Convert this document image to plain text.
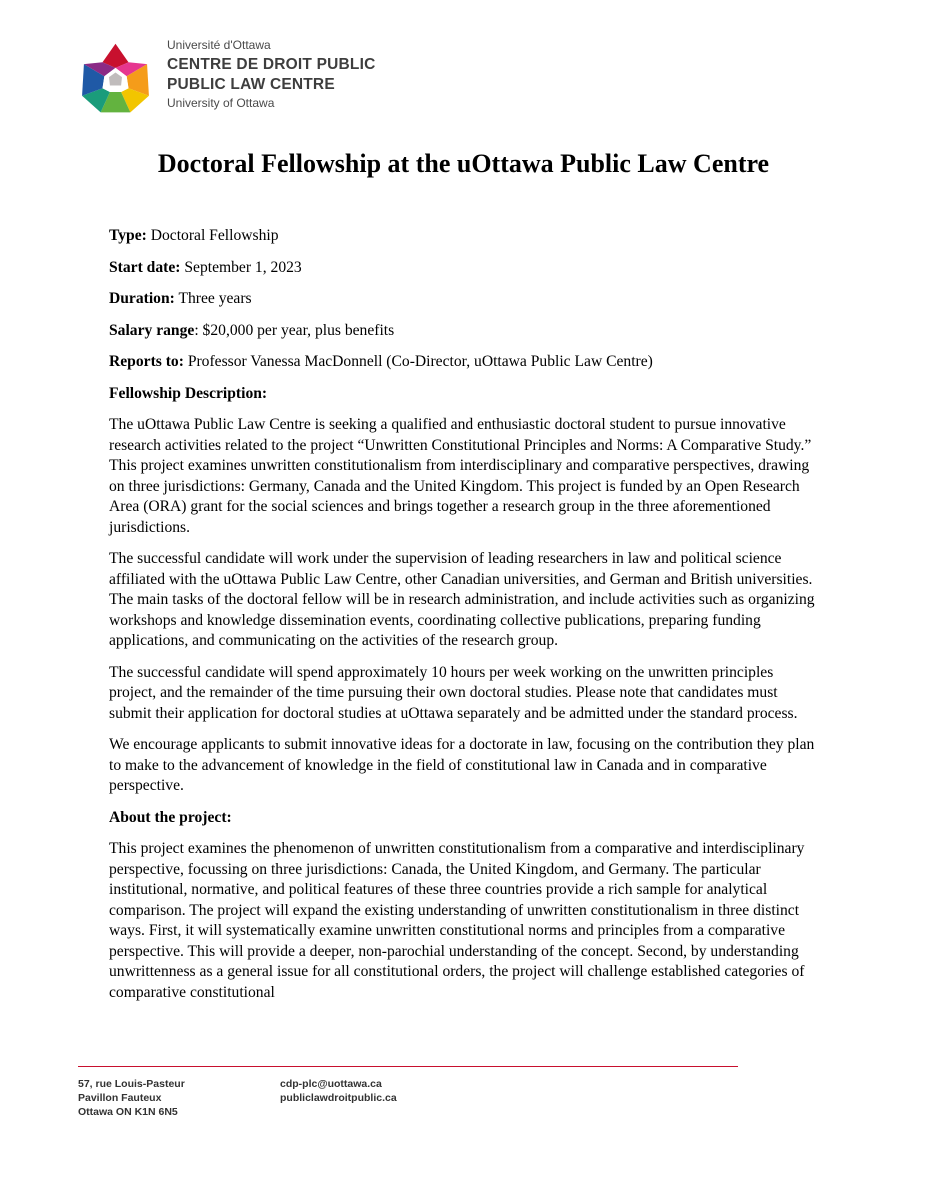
Université d'Ottawa
CENTRE DE DROIT PUBLIC
PUBLIC LAW CENTRE
University of Ottawa
Doctoral Fellowship at the uOttawa Public Law Centre

Type: Doctoral Fellowship

Start date: September 1, 2023

Duration: Three years

Salary range: $20,000 per year, plus benefits

Reports to: Professor Vanessa MacDonnell (Co-Director, uOttawa Public Law Centre)

Fellowship Description:

The uOttawa Public Law Centre is seeking a qualified and enthusiastic doctoral student to pursue innovative research activities related to the project “Unwritten Constitutional Principles and Norms: A Comparative Study.” This project examines unwritten constitutionalism from interdisciplinary and comparative perspectives, drawing on three jurisdictions: Germany, Canada and the United Kingdom. This project is funded by an Open Research Area (ORA) grant for the social sciences and brings together a research group in the three aforementioned jurisdictions.

The successful candidate will work under the supervision of leading researchers in law and political science affiliated with the uOttawa Public Law Centre, other Canadian universities, and German and British universities. The main tasks of the doctoral fellow will be in research administration, and include activities such as organizing workshops and knowledge dissemination events, coordinating collective publications, preparing funding applications, and communicating on the activities of the research group.

The successful candidate will spend approximately 10 hours per week working on the unwritten principles project, and the remainder of the time pursuing their own doctoral studies. Please note that candidates must submit their application for doctoral studies at uOttawa separately and be admitted under the standard process.

We encourage applicants to submit innovative ideas for a doctorate in law, focusing on the contribution they plan to make to the advancement of knowledge in the field of constitutional law in Canada and in comparative perspective.

About the project:

This project examines the phenomenon of unwritten constitutionalism from a comparative and interdisciplinary perspective, focussing on three jurisdictions: Canada, the United Kingdom, and Germany. The particular institutional, normative, and political features of these three countries provide a rich sample for analytical comparison. The project will expand the existing understanding of unwritten constitutionalism in three distinct ways. First, it will systematically examine unwritten constitutional norms and principles from a comparative perspective. This will provide a deeper, non-parochial understanding of the concept. Second, by understanding unwrittenness as a general issue for all constitutional orders, the project will challenge established categories of comparative constitutional

57, rue Louis-Pasteur
Pavillon Fauteux
Ottawa ON K1N 6N5
cdp-plc@uottawa.ca
publiclawdroitpublic.ca
